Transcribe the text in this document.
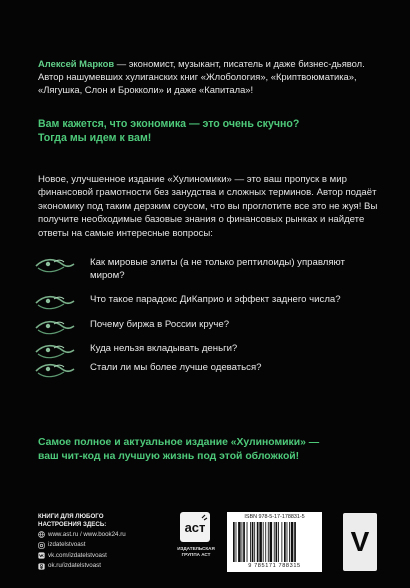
Алексей Марков — экономист, музыкант, писатель и даже бизнес-дьявол. Автор нашумевших хулиганских книг «Жлобология», «Криптвоюматика», «Лягушка, Слон и Брокколи» и даже «Капитала»!
Вам кажется, что экономика — это очень скучно?
Тогда мы идем к вам!
Новое, улучшенное издание «Хулиномики» — это ваш пропуск в мир финансовой грамотности без занудства и сложных терминов. Автор подаёт экономику под таким дерзким соусом, что вы проглотите все это не жуя! Вы получите необходимые базовые знания о финансовых рынках и найдете ответы на самые интересные вопросы:
Как мировые элиты (а не только рептилоиды) управляют миром?
Что такое парадокс ДиКаприо и эффект заднего числа?
Почему биржа в России круче?
Куда нельзя вкладывать деньги?
Стали ли мы более лучше одеваться?
Самое полное и актуальное издание «Хулиномики» —
ваш чит-код на лучшую жизнь под этой обложкой!
КНИГИ ДЛЯ ЛЮБОГО
НАСТРОЕНИЯ ЗДЕСЬ:
www.ast.ru / www.book24.ru
izdatelstvoast
vk.com/izdatelstvoast
ok.ru/izdatelstvoast
аст
ИЗДАТЕЛЬСКАЯ
ГРУППА АСТ
ISBN 978-5-17-178831-5
9 785171 788315
V
